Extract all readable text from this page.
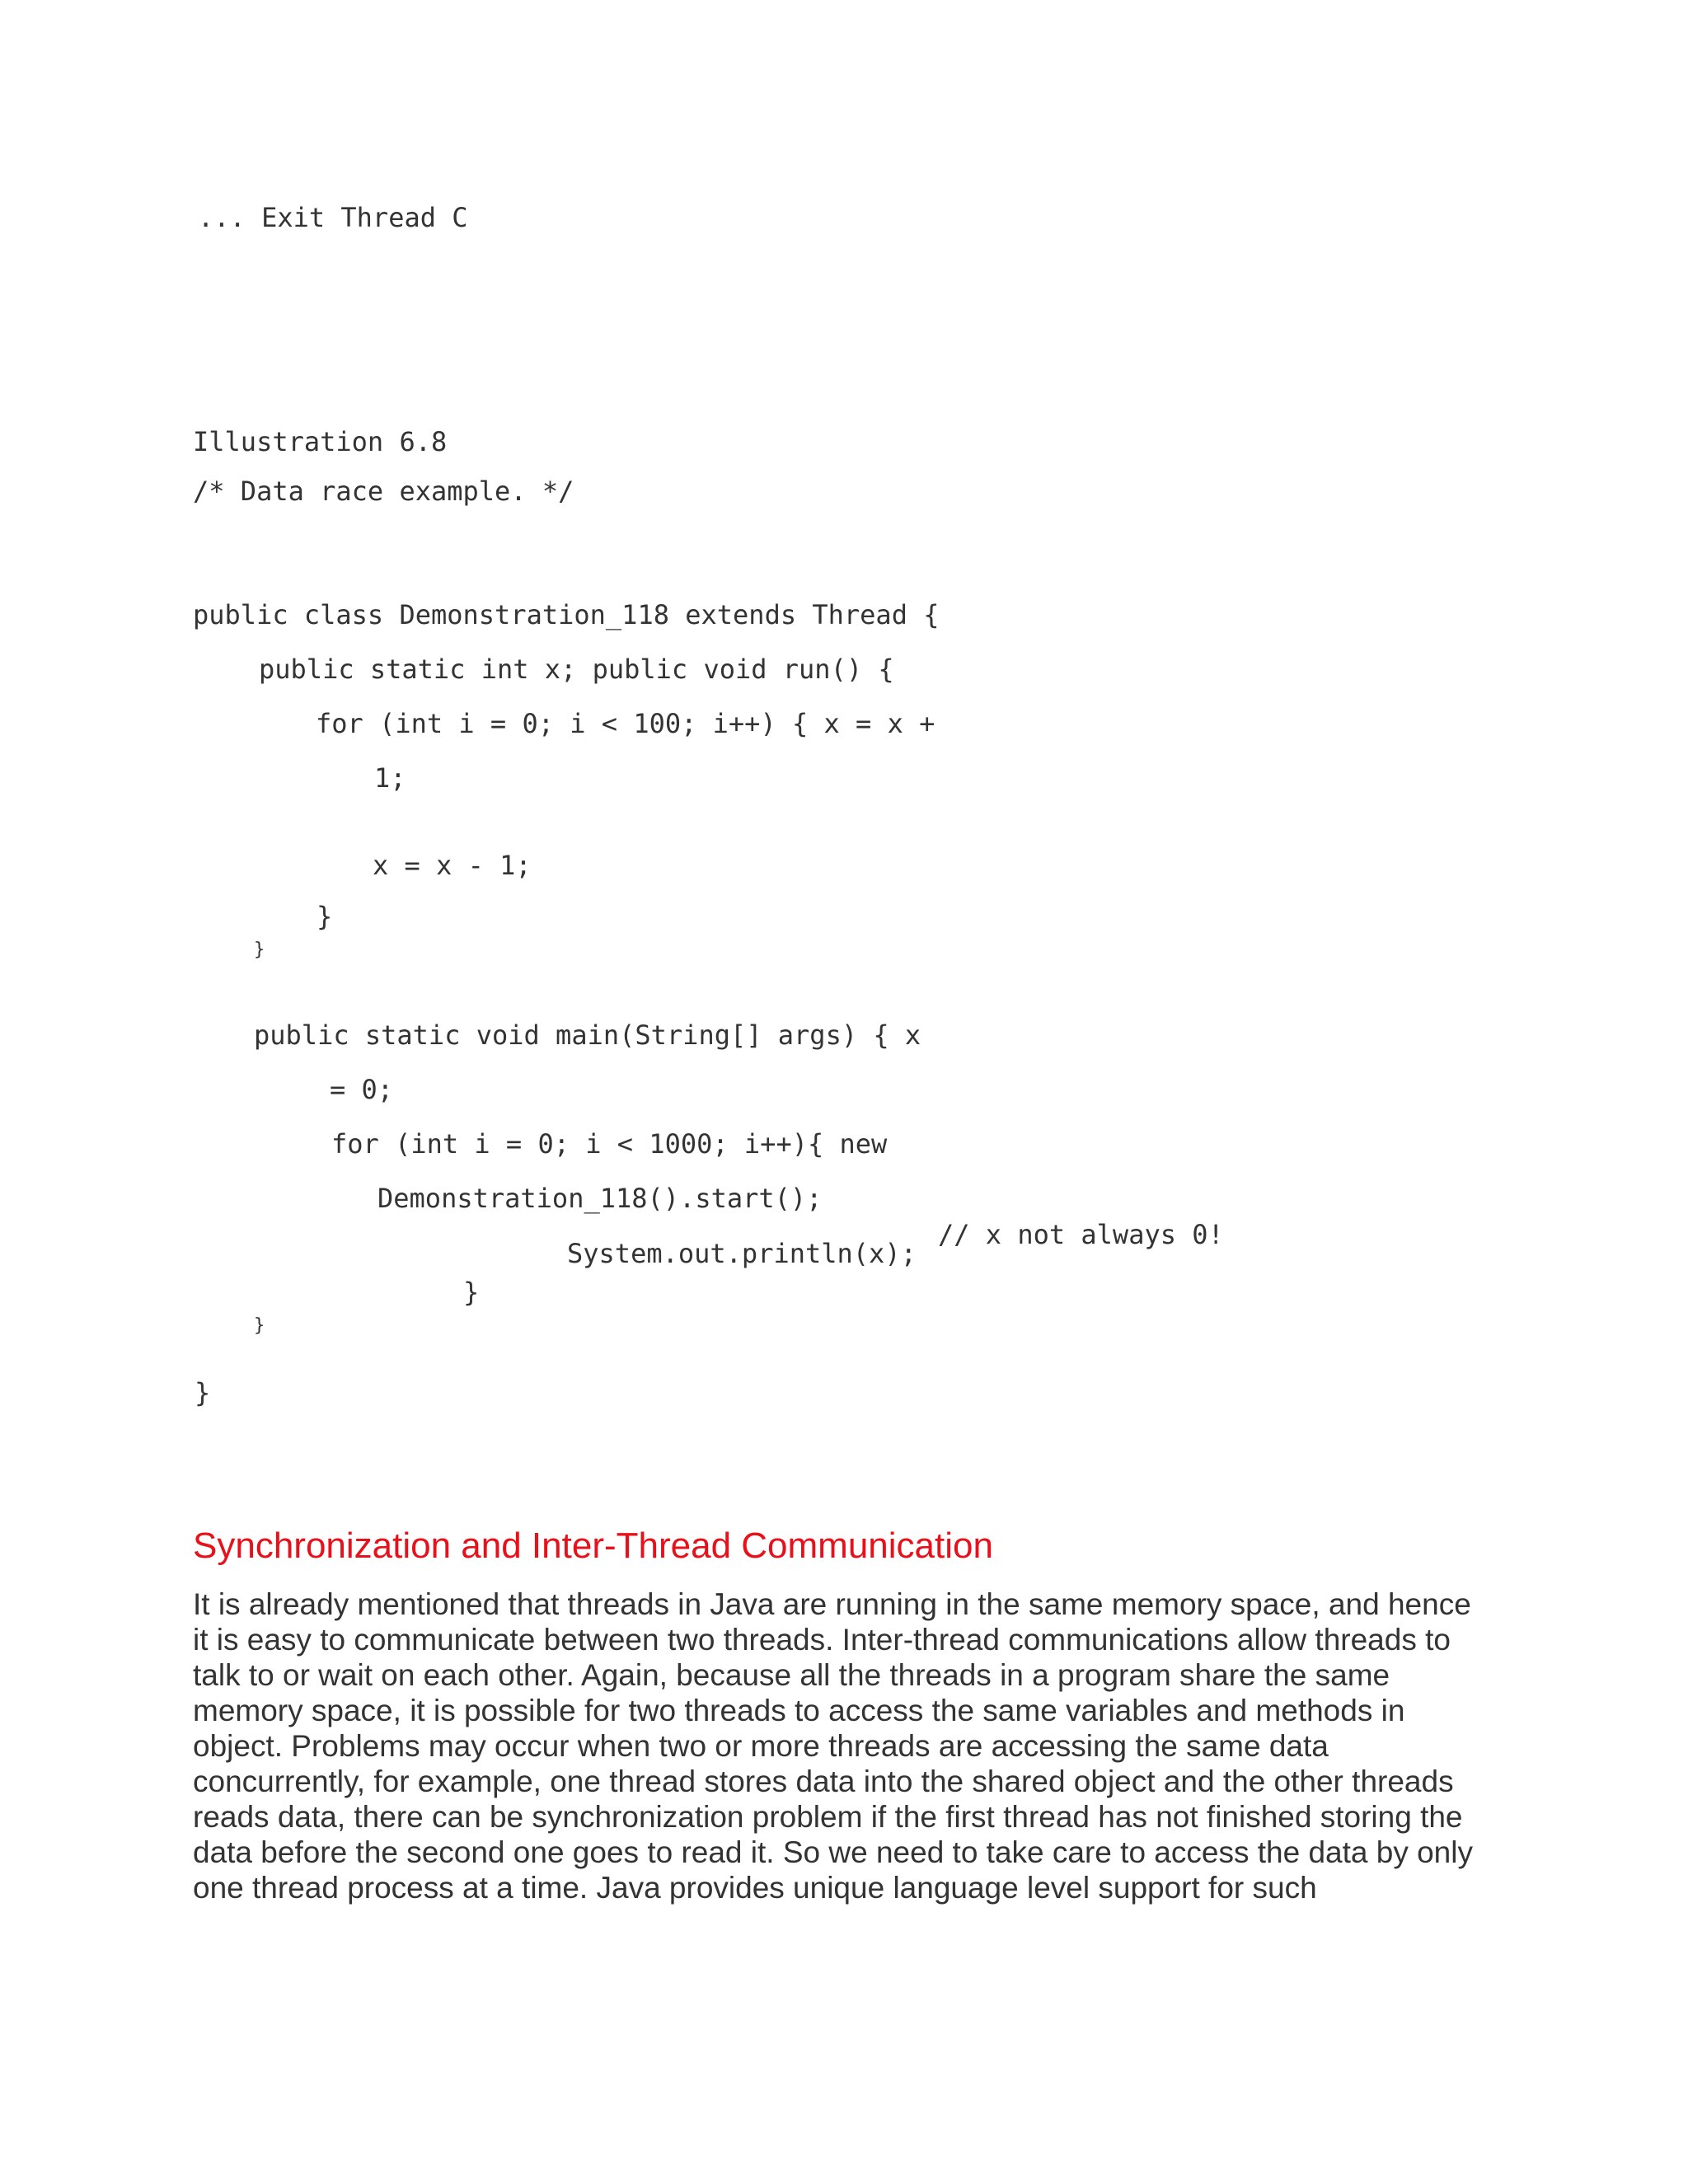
... Exit Thread C
Illustration 6.8
/* Data race example. */
public class Demonstration_118 extends Thread {
public static int x; public void run() {
for (int i = 0; i < 100; i++) { x = x +
1;
x = x - 1;
}
}
public static void main(String[] args) { x
= 0;
for (int i = 0; i < 1000; i++){ new
Demonstration_118().start();
// x not always 0!
System.out.println(x);
}
}
}
Synchronization and Inter-Thread Communication
It is already mentioned that threads in Java are running in the same memory space, and hence
it is easy to communicate between two threads. Inter-thread communications allow threads to
talk to or wait on each other. Again, because all the threads in a program share the same
memory space, it is possible for two threads to access the same variables and methods in
object. Problems may occur when two or more threads are accessing the same data
concurrently, for example, one thread stores data into the shared object and the other threads
reads data, there can be synchronization problem if the first thread has not finished storing the
data before the second one goes to read it. So we need to take care to access the data by only
one thread process at a time. Java provides unique language level support for such
